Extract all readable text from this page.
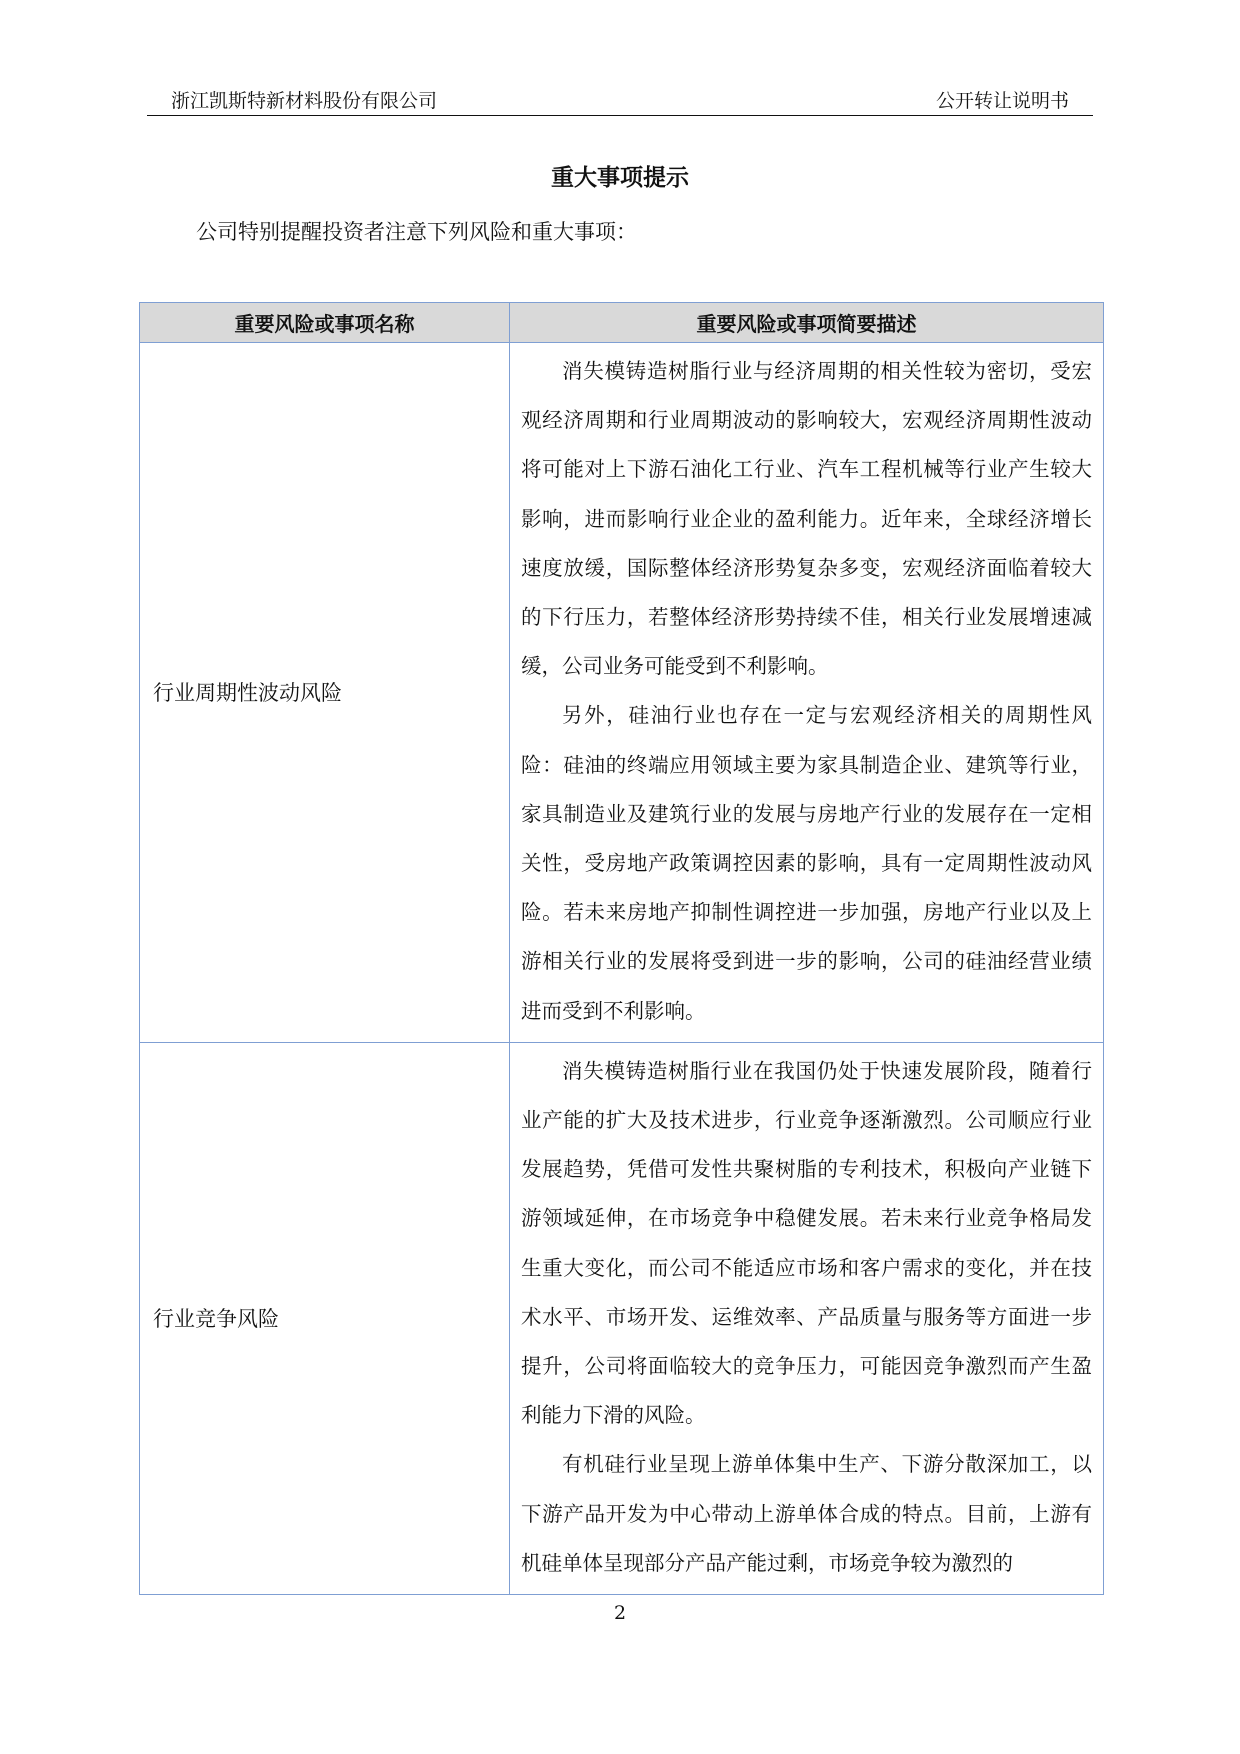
浙江凯斯特新材料股份有限公司	公开转让说明书
重大事项提示
公司特别提醒投资者注意下列风险和重大事项：
重要风险或事项名称	重要风险或事项简要描述
行业周期性波动风险	消失模铸造树脂行业与经济周期的相关性较为密切，受宏观经济周期和行业周期波动的影响较大，宏观经济周期性波动将可能对上下游石油化工行业、汽车工程机械等行业产生较大影响，进而影响行业企业的盈利能力。近年来，全球经济增长速度放缓，国际整体经济形势复杂多变，宏观经济面临着较大的下行压力，若整体经济形势持续不佳，相关行业发展增速减缓，公司业务可能受到不利影响。

另外，硅油行业也存在一定与宏观经济相关的周期性风险：硅油的终端应用领域主要为家具制造企业、建筑等行业，家具制造业及建筑行业的发展与房地产行业的发展存在一定相关性，受房地产政策调控因素的影响，具有一定周期性波动风险。若未来房地产抑制性调控进一步加强，房地产行业以及上游相关行业的发展将受到进一步的影响，公司的硅油经营业绩进而受到不利影响。

行业竞争风险	消失模铸造树脂行业在我国仍处于快速发展阶段，随着行业产能的扩大及技术进步，行业竞争逐渐激烈。公司顺应行业发展趋势，凭借可发性共聚树脂的专利技术，积极向产业链下游领域延伸，在市场竞争中稳健发展。若未来行业竞争格局发生重大变化，而公司不能适应市场和客户需求的变化，并在技术水平、市场开发、运维效率、产品质量与服务等方面进一步提升，公司将面临较大的竞争压力，可能因竞争激烈而产生盈利能力下滑的风险。

有机硅行业呈现上游单体集中生产、下游分散深加工，以下游产品开发为中心带动上游单体合成的特点。目前，上游有机硅单体呈现部分产品产能过剩，市场竞争较为激烈的

2
